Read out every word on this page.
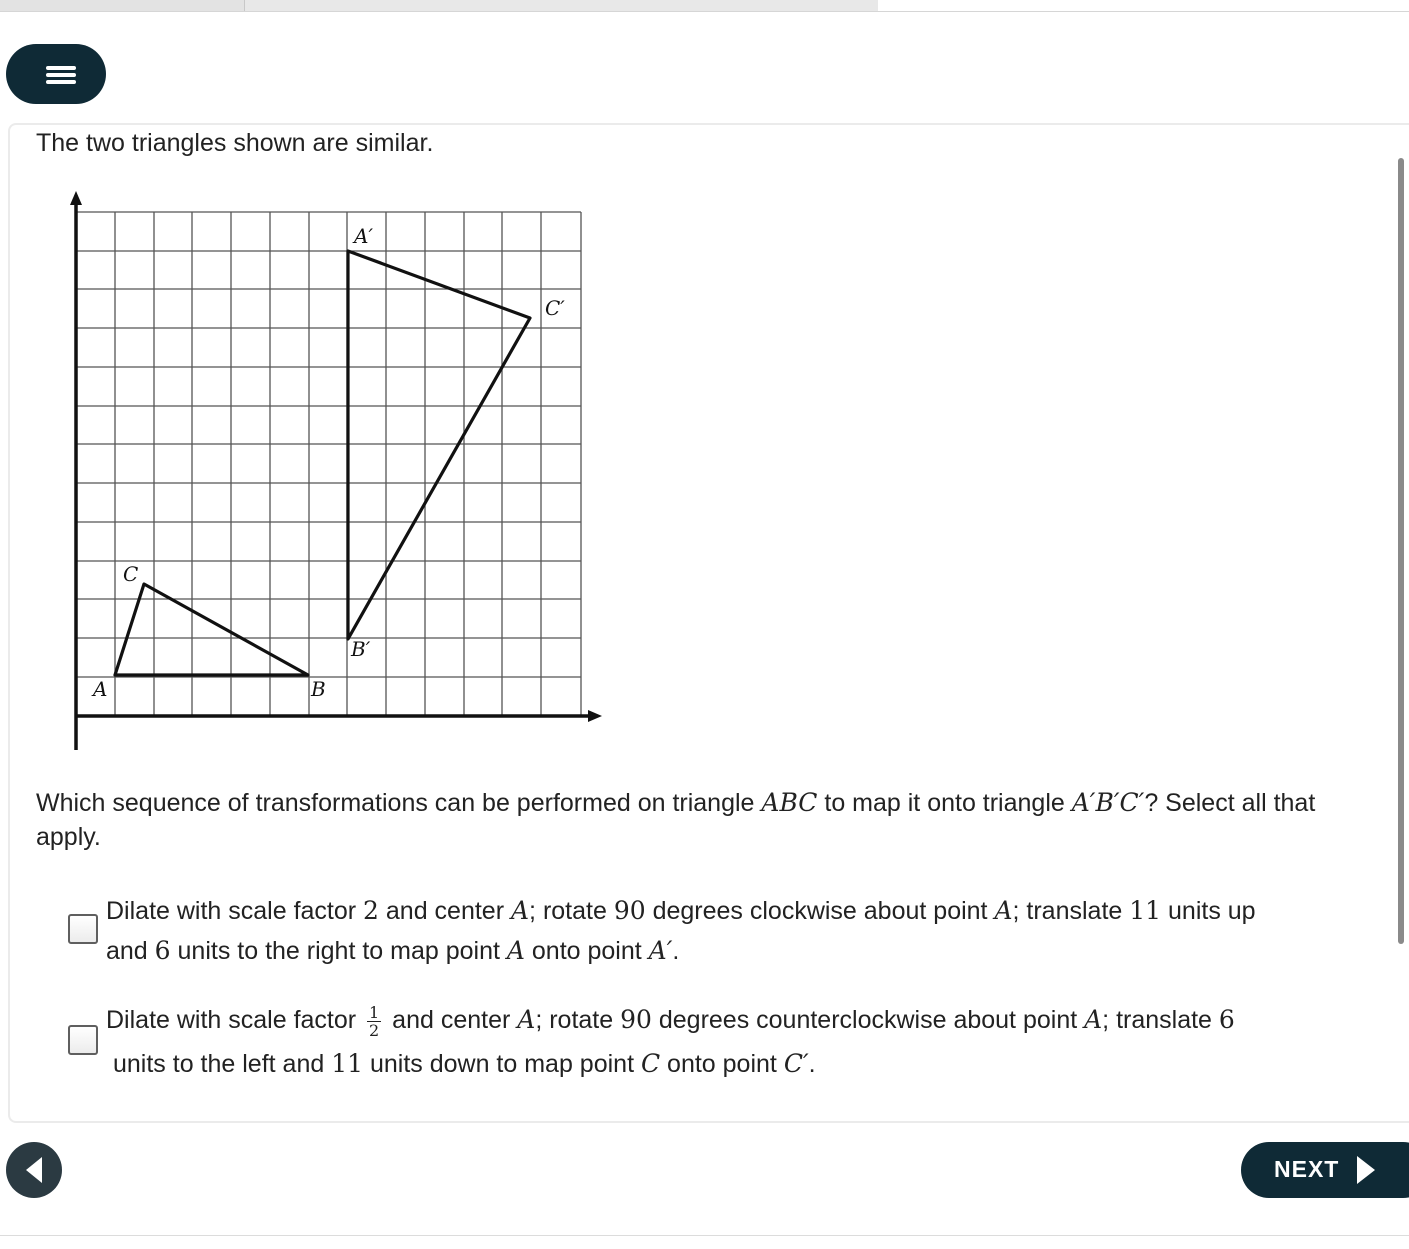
The two triangles shown are similar.
A	B
C
A′
B′
C′
Which sequence of transformations can be performed on triangle ABC to map it onto triangle A′B′C′? Select all that apply.
Dilate with scale factor 2 and center A; rotate 90 degrees clockwise about point A; translate 11 units up
and 6 units to the right to map point A onto point A′.
Dilate with scale factor $\frac{1}{2}$ and center A; rotate 90 degrees counterclockwise about point A; translate 6
units to the left and 11 units down to map point C onto point C′.
NEXT
